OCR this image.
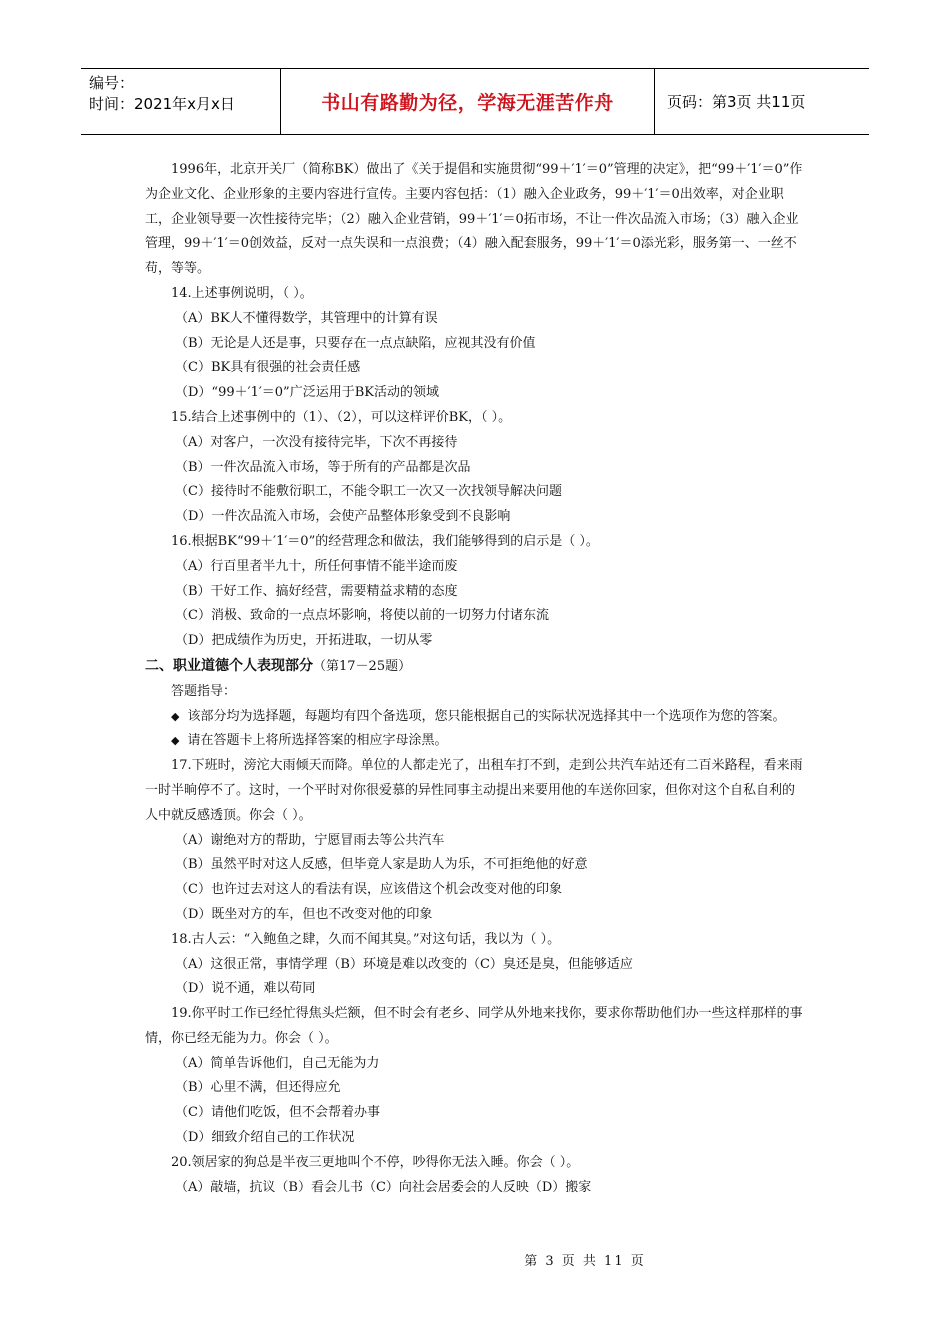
编号：
时间：2021年x月x日	书山有路勤为径，学海无涯苦作舟	页码：第3页 共11页

1996年，北京开关厂（简称BK）做出了《关于提倡和实施贯彻“99＋′1′＝0”管理的决定》，把“99＋′1′＝0”作为企业文化、企业形象的主要内容进行宣传。主要内容包括：（1）融入企业政务，99＋′1′＝0出效率，对企业职工，企业领导要一次性接待完毕；（2）融入企业营销，99＋′1′＝0拓市场，不让一件次品流入市场；（3）融入企业管理，99＋′1′＝0创效益，反对一点失误和一点浪费；（4）融入配套服务，99＋′1′＝0添光彩，服务第一、一丝不苟，等等。

14.上述事例说明，（ ）。

（A）BK人不懂得数学，其管理中的计算有误

（B）无论是人还是事，只要存在一点点缺陷，应视其没有价值

（C）BK具有很强的社会责任感

（D）“99＋′1′＝0”广泛运用于BK活动的领域

15.结合上述事例中的（1）、（2），可以这样评价BK，（ ）。

（A）对客户，一次没有接待完毕，下次不再接待

（B）一件次品流入市场，等于所有的产品都是次品

（C）接待时不能敷衍职工，不能令职工一次又一次找领导解决问题

（D）一件次品流入市场，会使产品整体形象受到不良影响

16.根据BK“99＋′1′＝0”的经营理念和做法，我们能够得到的启示是（ ）。

（A）行百里者半九十，所任何事情不能半途而废

（B）干好工作、搞好经营，需要精益求精的态度

（C）消极、致命的一点点坏影响，将使以前的一切努力付诸东流

（D）把成绩作为历史，开拓进取，一切从零

二、职业道德个人表现部分（第17－25题）

答题指导：

◆ 该部分均为选择题，每题均有四个备选项，您只能根据自己的实际状况选择其中一个选项作为您的答案。

◆ 请在答题卡上将所选择答案的相应字母涂黑。

17.下班时，滂沱大雨倾天而降。单位的人都走光了，出租车打不到，走到公共汽车站还有二百米路程，看来雨一时半晌停不了。这时，一个平时对你很爱慕的异性同事主动提出来要用他的车送你回家，但你对这个自私自利的人中就反感透顶。你会（ ）。

（A）谢绝对方的帮助，宁愿冒雨去等公共汽车

（B）虽然平时对这人反感，但毕竟人家是助人为乐，不可拒绝他的好意

（C）也许过去对这人的看法有误，应该借这个机会改变对他的印象

（D）既坐对方的车，但也不改变对他的印象

18.古人云：“入鲍鱼之肆，久而不闻其臭。”对这句话，我以为（ ）。

（A）这很正常，事情学理（B）环境是难以改变的（C）臭还是臭，但能够适应

（D）说不通，难以苟同

19.你平时工作已经忙得焦头烂额，但不时会有老乡、同学从外地来找你，要求你帮助他们办一些这样那样的事情，你已经无能为力。你会（ ）。

（A）简单告诉他们，自己无能为力

（B）心里不满，但还得应允

（C）请他们吃饭，但不会帮着办事

（D）细致介绍自己的工作状况

20.领居家的狗总是半夜三更地叫个不停，吵得你无法入睡。你会（ ）。

（A）敲墙，抗议（B）看会儿书（C）向社会居委会的人反映（D）搬家

第 3 页 共 11 页
